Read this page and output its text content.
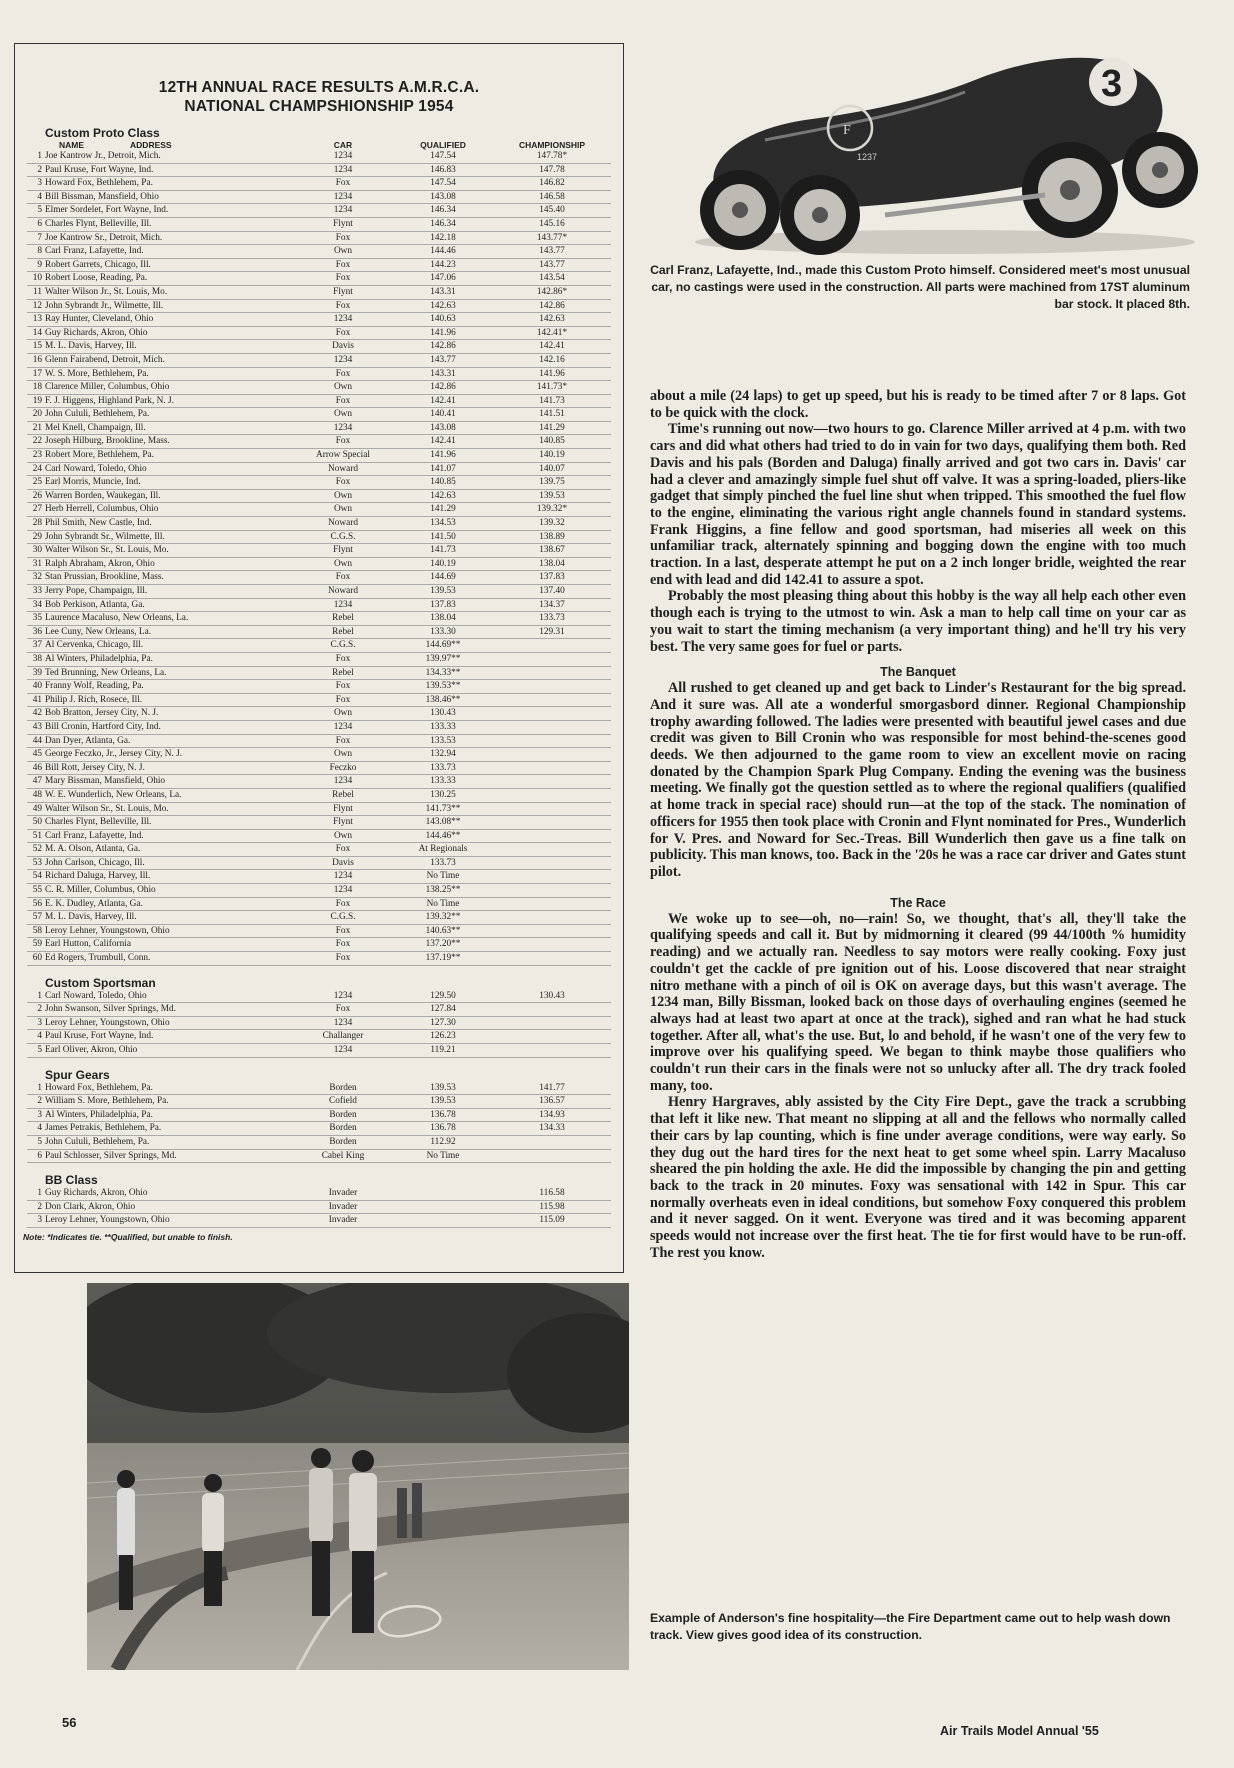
12TH ANNUAL RACE RESULTS A.M.R.C.A.
NATIONAL CHAMPSHIONSHIP 1954
Custom Proto Class
	NAME ADDRESS	CAR	QUALIFIED	CHAMPIONSHIP
1	Joe Kantrow Jr., Detroit, Mich.	1234	147.54	147.78*
2	Paul Kruse, Fort Wayne, Ind.	1234	146.83	147.78
3	Howard Fox, Bethlehem, Pa.	Fox	147.54	146.82
4	Bill Bissman, Mansfield, Ohio	1234	143.08	146.58
5	Elmer Sordelet, Fort Wayne, Ind.	1234	146.34	145.40
6	Charles Flynt, Belleville, Ill.	Flynt	146.34	145.16
7	Joe Kantrow Sr., Detroit, Mich.	Fox	142.18	143.77*
8	Carl Franz, Lafayette, Ind.	Own	144.46	143.77
9	Robert Garrets, Chicago, Ill.	Fox	144.23	143.77
10	Robert Loose, Reading, Pa.	Fox	147.06	143.54
11	Walter Wilson Jr., St. Louis, Mo.	Flynt	143.31	142.86*
12	John Sybrandt Jr., Wilmette, Ill.	Fox	142.63	142.86
13	Ray Hunter, Cleveland, Ohio	1234	140.63	142.63
14	Guy Richards, Akron, Ohio	Fox	141.96	142.41*
15	M. L. Davis, Harvey, Ill.	Davis	142.86	142.41
16	Glenn Fairabend, Detroit, Mich.	1234	143.77	142.16
17	W. S. More, Bethlehem, Pa.	Fox	143.31	141.96
18	Clarence Miller, Columbus, Ohio	Own	142.86	141.73*
19	F. J. Higgens, Highland Park, N. J.	Fox	142.41	141.73
20	John Cululi, Bethlehem, Pa.	Own	140.41	141.51
21	Mel Knell, Champaign, Ill.	1234	143.08	141.29
22	Joseph Hilburg, Brookline, Mass.	Fox	142.41	140.85
23	Robert More, Bethlehem, Pa.	Arrow Special	141.96	140.19
24	Carl Noward, Toledo, Ohio	Noward	141.07	140.07
25	Earl Morris, Muncie, Ind.	Fox	140.85	139.75
26	Warren Borden, Waukegan, Ill.	Own	142.63	139.53
27	Herb Herrell, Columbus, Ohio	Own	141.29	139.32*
28	Phil Smith, New Castle, Ind.	Noward	134.53	139.32
29	John Sybrandt Sr., Wilmette, Ill.	C.G.S.	141.50	138.89
30	Walter Wilson Sr., St. Louis, Mo.	Flynt	141.73	138.67
31	Ralph Abraham, Akron, Ohio	Own	140.19	138.04
32	Stan Prussian, Brookline, Mass.	Fox	144.69	137.83
33	Jerry Pope, Champaign, Ill.	Noward	139.53	137.40
34	Bob Perkison, Atlanta, Ga.	1234	137.83	134.37
35	Laurence Macaluso, New Orleans, La.	Rebel	138.04	133.73
36	Lee Cuny, New Orleans, La.	Rebel	133.30	129.31
37	Al Cervenka, Chicago, Ill.	C.G.S.	144.69**	
38	Al Winters, Philadelphia, Pa.	Fox	139.97**	
39	Ted Brunning, New Orleans, La.	Rebel	134.33**	
40	Franny Wolf, Reading, Pa.	Fox	139.53**	
41	Philip J. Rich, Rosece, Ill.	Fox	138.46**	
42	Bob Bratton, Jersey City, N. J.	Own	130.43	
43	Bill Cronin, Hartford City, Ind.	1234	133.33	
44	Dan Dyer, Atlanta, Ga.	Fox	133.53	
45	George Feczko, Jr., Jersey City, N. J.	Own	132.94	
46	Bill Rott, Jersey City, N. J.	Feczko	133.73	
47	Mary Bissman, Mansfield, Ohio	1234	133.33	
48	W. E. Wunderlich, New Orleans, La.	Rebel	130.25	
49	Walter Wilson Sr., St. Louis, Mo.	Flynt	141.73**	
50	Charles Flynt, Belleville, Ill.	Flynt	143.08**	
51	Carl Franz, Lafayette, Ind.	Own	144.46**	
52	M. A. Olson, Atlanta, Ga.	Fox	At Regionals	
53	John Carlson, Chicago, Ill.	Davis	133.73	
54	Richard Daluga, Harvey, Ill.	1234	No Time	
55	C. R. Miller, Columbus, Ohio	1234	138.25**	
56	E. K. Dudley, Atlanta, Ga.	Fox	No Time	
57	M. L. Davis, Harvey, Ill.	C.G.S.	139.32**	
58	Leroy Lehner, Youngstown, Ohio	Fox	140.63**	
59	Earl Hutton, California	Fox	137.20**	
60	Ed Rogers, Trumbull, Conn.	Fox	137.19**	
Custom Sportsman
1	Carl Noward, Toledo, Ohio	1234	129.50	130.43
2	John Swanson, Silver Springs, Md.	Fox	127.84	
3	Leroy Lehner, Youngstown, Ohio	1234	127.30	
4	Paul Kruse, Fort Wayne, Ind.	Challanger	126.23	
5	Earl Oliver, Akron, Ohio	1234	119.21	
Spur Gears
1	Howard Fox, Bethlehem, Pa.	Borden	139.53	141.77
2	William S. More, Bethlehem, Pa.	Cofield	139.53	136.57
3	Al Winters, Philadelphia, Pa.	Borden	136.78	134.93
4	James Petrakis, Bethlehem, Pa.	Borden	136.78	134.33
5	John Cululi, Bethlehem, Pa.	Borden	112.92	
6	Paul Schlosser, Silver Springs, Md.	Cabel King	No Time	
BB Class
1	Guy Richards, Akron, Ohio	Invader		116.58
2	Don Clark, Akron, Ohio	Invader		115.98
3	Leroy Lehner, Youngstown, Ohio	Invader		115.09
Note: *Indicates tie. **Qualified, but unable to finish.
F
1237
3
Carl Franz, Lafayette, Ind., made this Custom Proto himself. Considered meet's most unusual car, no castings were used in the construction. All parts were machined from 17ST aluminum bar stock. It placed 8th.

about a mile (24 laps) to get up speed, but his is ready to be timed after 7 or 8 laps. Got to be quick with the clock.

Time's running out now—two hours to go. Clarence Miller arrived at 4 p.m. with two cars and did what others had tried to do in vain for two days, qualifying them both. Red Davis and his pals (Borden and Daluga) finally arrived and got two cars in. Davis' car had a clever and amazingly simple fuel shut off valve. It was a spring-loaded, pliers-like gadget that simply pinched the fuel line shut when tripped. This smoothed the fuel flow to the engine, eliminating the various right angle channels found in standard systems. Frank Higgins, a fine fellow and good sportsman, had miseries all week on this unfamiliar track, alternately spinning and bogging down the engine with too much traction. In a last, desperate attempt he put on a 2 inch longer bridle, weighted the rear end with lead and did 142.41 to assure a spot.

Probably the most pleasing thing about this hobby is the way all help each other even though each is trying to the utmost to win. Ask a man to help call time on your car as you wait to start the timing mechanism (a very important thing) and he'll try his very best. The very same goes for fuel or parts.

The Banquet

All rushed to get cleaned up and get back to Linder's Restaurant for the big spread. And it sure was. All ate a wonderful smorgasbord dinner. Regional Championship trophy awarding followed. The ladies were presented with beautiful jewel cases and due credit was given to Bill Cronin who was responsible for most behind-the-scenes good deeds. We then adjourned to the game room to view an excellent movie on racing donated by the Champion Spark Plug Company. Ending the evening was the business meeting. We finally got the question settled as to where the regional qualifiers (qualified at home track in special race) should run—at the top of the stack. The nomination of officers for 1955 then took place with Cronin and Flynt nominated for Pres., Wunderlich for V. Pres. and Noward for Sec.-Treas. Bill Wunderlich then gave us a fine talk on publicity. This man knows, too. Back in the '20s he was a race car driver and Gates stunt pilot.

The Race

We woke up to see—oh, no—rain! So, we thought, that's all, they'll take the qualifying speeds and call it. But by midmorning it cleared (99 44/100th % humidity reading) and we actually ran. Needless to say motors were really cooking. Foxy just couldn't get the cackle of pre ignition out of his. Loose discovered that near straight nitro methane with a pinch of oil is OK on average days, but this wasn't average. The 1234 man, Billy Bissman, looked back on those days of overhauling engines (seemed he always had at least two apart at once at the track), sighed and ran what he had stuck together. After all, what's the use. But, lo and behold, if he wasn't one of the very few to improve over his qualifying speed. We began to think maybe those qualifiers who couldn't run their cars in the finals were not so unlucky after all. The dry track fooled many, too.

Henry Hargraves, ably assisted by the City Fire Dept., gave the track a scrubbing that left it like new. That meant no slipping at all and the fellows who normally called their cars by lap counting, which is fine under average conditions, were way early. So they dug out the hard tires for the next heat to get some wheel spin. Larry Macaluso sheared the pin holding the axle. He did the impossible by changing the pin and getting back to the track in 20 minutes. Foxy was sensational with 142 in Spur. This car normally overheats even in ideal conditions, but somehow Foxy conquered this problem and it never sagged. On it went. Everyone was tired and it was becoming apparent speeds would not increase over the first heat. The tie for first would have to be run-off. The rest you know.

Example of Anderson's fine hospitality—the Fire Department came out to help wash down track. View gives good idea of its construction.
56
Air Trails Model Annual '55
